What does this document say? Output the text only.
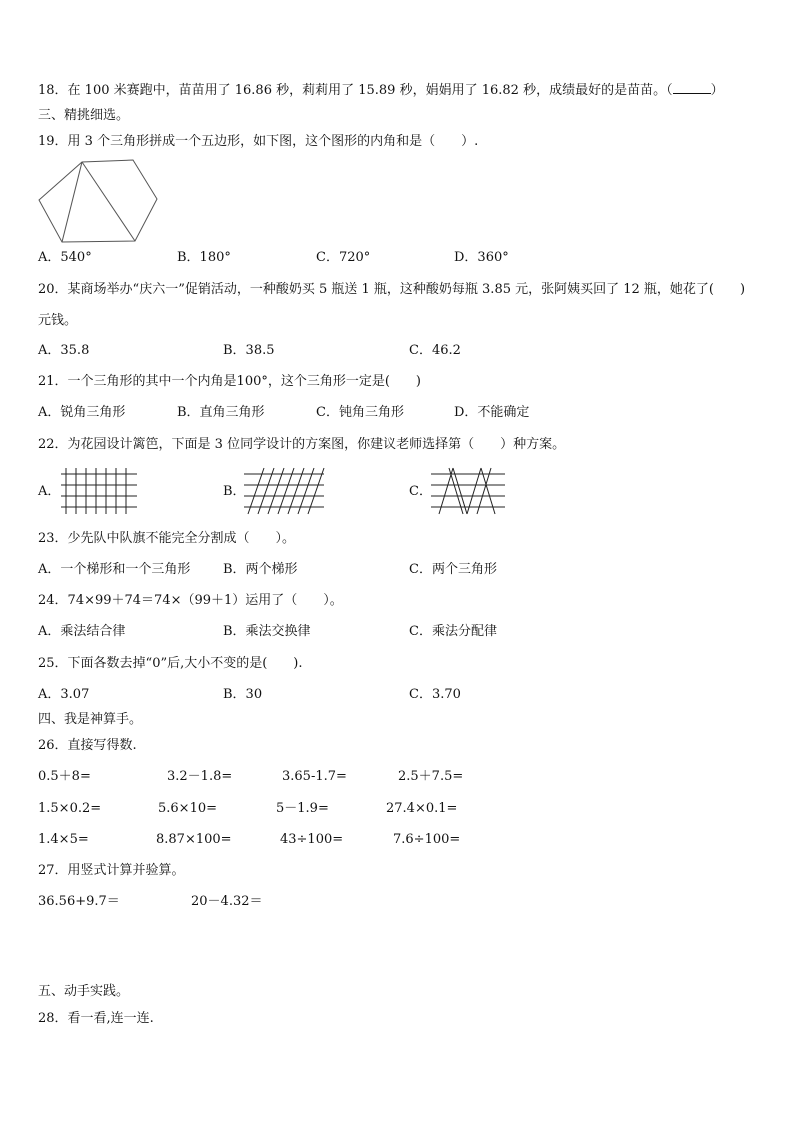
18．在 100 米赛跑中，苗苗用了 16.86 秒，莉莉用了 15.89 秒，娟娟用了 16.82 秒，成绩最好的是苗苗。（	）
三、精挑细选。
19．用 3 个三角形拼成一个五边形，如下图，这个图形的内角和是（　　）.
A．540°	B．180°	C．720°	D．360°
20．某商场举办“庆六一”促销活动，一种酸奶买 5 瓶送 1 瓶，这种酸奶每瓶 3.85 元，张阿姨买回了 12 瓶，她花了(　　)
元钱。
A．35.8	B．38.5	C．46.2
21．一个三角形的其中一个内角是100°，这个三角形一定是(　　)
A．锐角三角形	B．直角三角形	C．钝角三角形	D．不能确定
22．为花园设计篱笆，下面是 3 位同学设计的方案图，你建议老师选择第（　　）种方案。
A．	B．	C．
23．少先队中队旗不能完全分割成（　　）。
A．一个梯形和一个三角形	B．两个梯形	C．两个三角形
24．74×99＋74＝74×（99＋1）运用了（　　）。
A．乘法结合律	B．乘法交换律	C．乘法分配律
25．下面各数去掉“0”后,大小不变的是(　　).
A．3.07	B．30	C．3.70
四、我是神算手。
26．直接写得数.
0.5＋8=	3.2－1.8=	3.65-1.7=	2.5＋7.5=
1.5×0.2=	5.6×10=	5－1.9=	27.4×0.1=
1.4×5=	8.87×100=	43÷100=	7.6÷100=
27．用竖式计算并验算。
36.56+9.7＝	20－4.32＝
五、动手实践。
28．看一看,连一连.
